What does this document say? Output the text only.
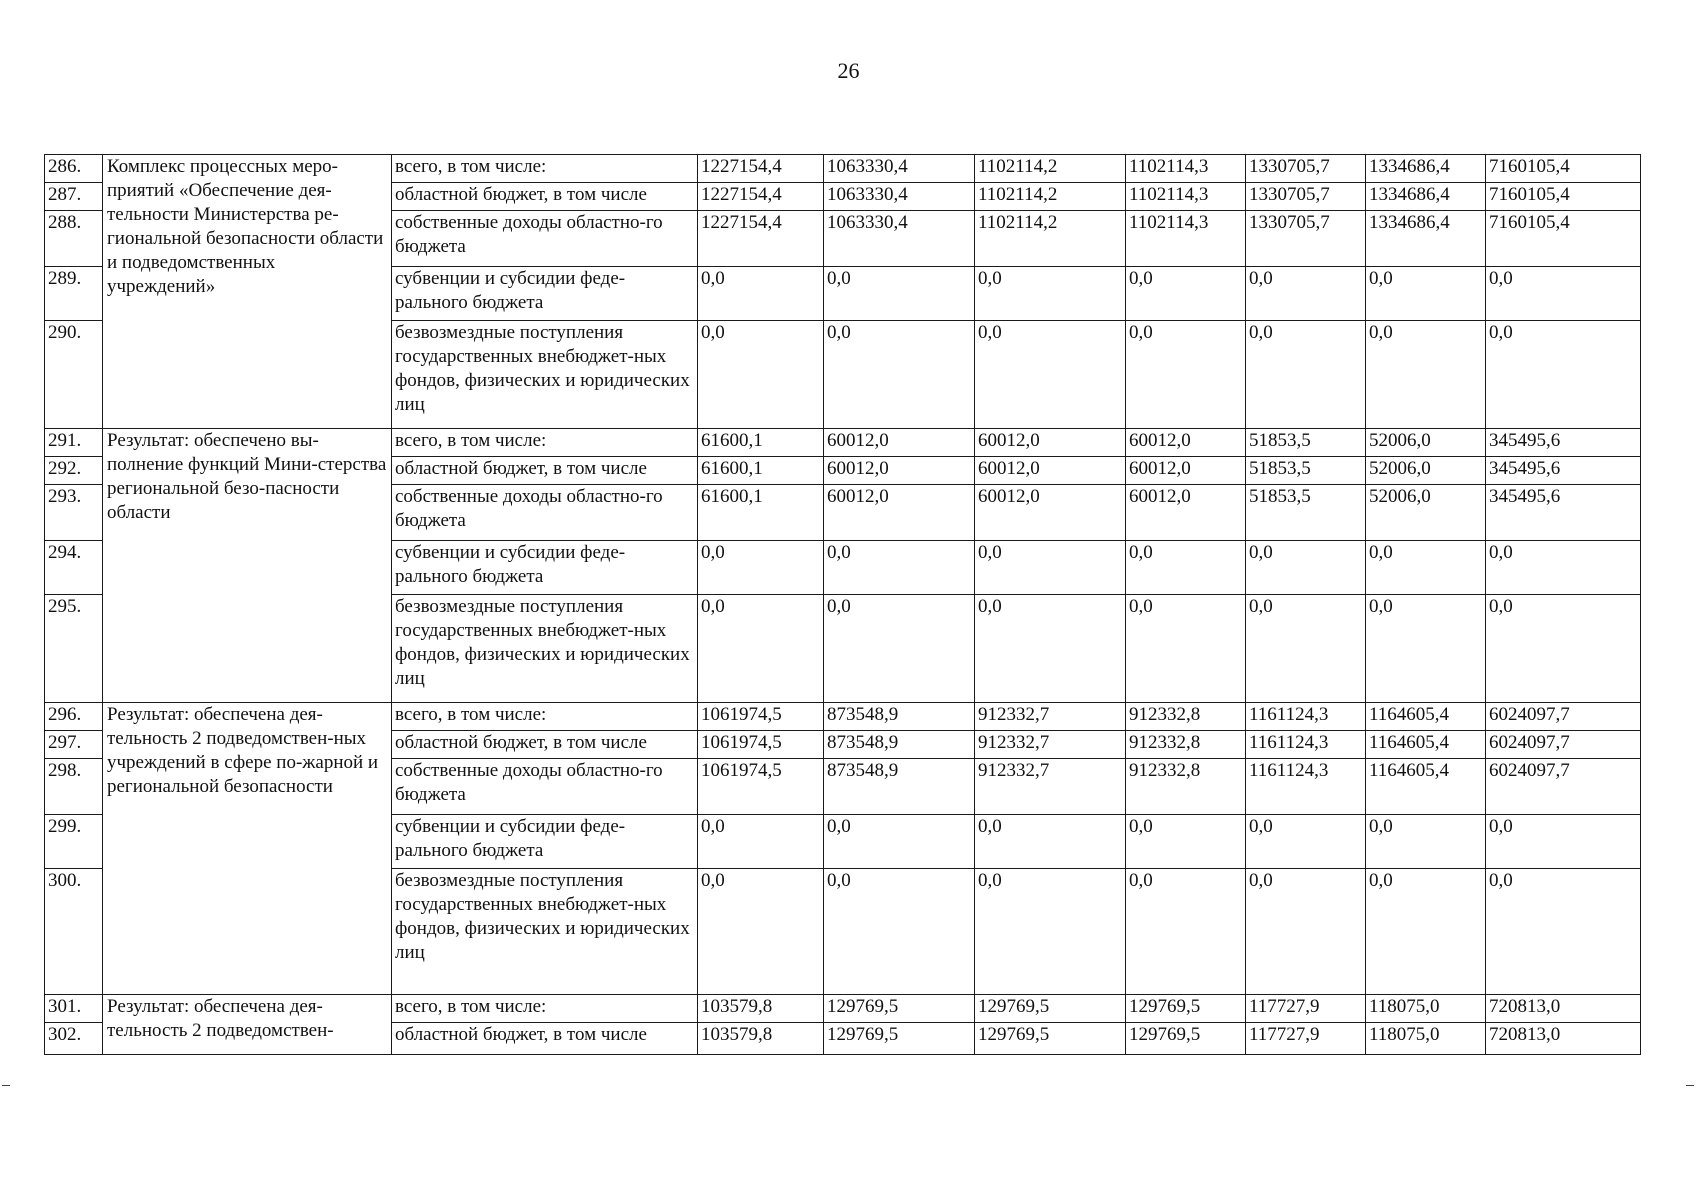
26
286.	Комплекс процессных меро-приятий «Обеспечение дея-тельности Министерства ре-гиональной безопасности области и подведомственных учреждений»	всего, в том числе:	1227154,4	1063330,4	1102114,2	1102114,3	1330705,7	1334686,4	7160105,4
287.		областной бюджет, в том числе	1227154,4	1063330,4	1102114,2	1102114,3	1330705,7	1334686,4	7160105,4
288.		собственные доходы областно-го бюджета	1227154,4	1063330,4	1102114,2	1102114,3	1330705,7	1334686,4	7160105,4
289.		субвенции и субсидии феде-рального бюджета	0,0	0,0	0,0	0,0	0,0	0,0	0,0
290.		безвозмездные поступления государственных внебюджет-ных фондов, физических и юридических лиц	0,0	0,0	0,0	0,0	0,0	0,0	0,0
291.	Результат: обеспечено вы-полнение функций Мини-стерства региональной безо-пасности области	всего, в том числе:	61600,1	60012,0	60012,0	60012,0	51853,5	52006,0	345495,6
292.		областной бюджет, в том числе	61600,1	60012,0	60012,0	60012,0	51853,5	52006,0	345495,6
293.		собственные доходы областно-го бюджета	61600,1	60012,0	60012,0	60012,0	51853,5	52006,0	345495,6
294.		субвенции и субсидии феде-рального бюджета	0,0	0,0	0,0	0,0	0,0	0,0	0,0
295.		безвозмездные поступления государственных внебюджет-ных фондов, физических и юридических лиц	0,0	0,0	0,0	0,0	0,0	0,0	0,0
296.	Результат: обеспечена дея-тельность 2 подведомствен-ных учреждений в сфере по-жарной и региональной безопасности	всего, в том числе:	1061974,5	873548,9	912332,7	912332,8	1161124,3	1164605,4	6024097,7
297.		областной бюджет, в том числе	1061974,5	873548,9	912332,7	912332,8	1161124,3	1164605,4	6024097,7
298.		собственные доходы областно-го бюджета	1061974,5	873548,9	912332,7	912332,8	1161124,3	1164605,4	6024097,7
299.		субвенции и субсидии феде-рального бюджета	0,0	0,0	0,0	0,0	0,0	0,0	0,0
300.		безвозмездные поступления государственных внебюджет-ных фондов, физических и юридических лиц	0,0	0,0	0,0	0,0	0,0	0,0	0,0
301.	Результат: обеспечена дея-тельность 2 подведомствен-	всего, в том числе:	103579,8	129769,5	129769,5	129769,5	117727,9	118075,0	720813,0
302.		областной бюджет, в том числе	103579,8	129769,5	129769,5	129769,5	117727,9	118075,0	720813,0
